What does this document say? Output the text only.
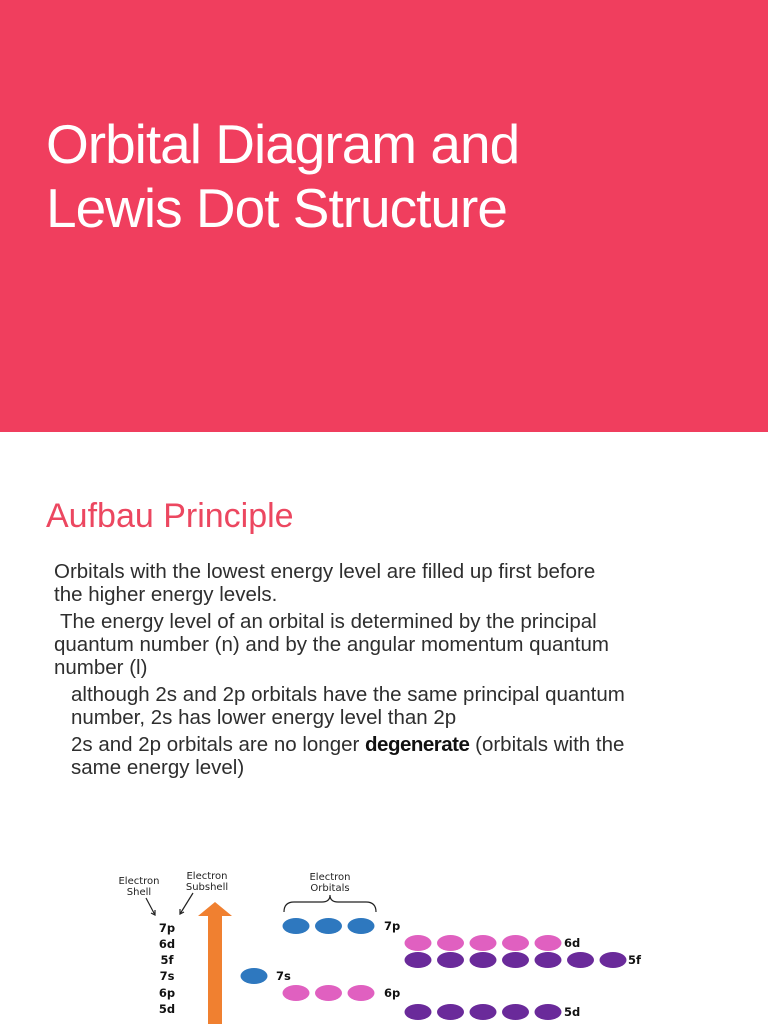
Orbital Diagram and
Lewis Dot Structure
Aufbau Principle
Orbitals with the lowest energy level are filled up first before
the higher energy levels.
The energy level of an orbital is determined by the principal
quantum number (n) and by the angular momentum quantum
number (l)
although 2s and 2p orbitals have the same principal quantum
number, 2s has lower energy level than 2p
2s and 2p orbitals are no longer degenerate (orbitals with the
same energy level)
Electron
Shell
Electron
Subshell
Electron
Orbitals
7p
6d
5f
7s
6p
5d
7p
6d
5f
7s
6p
5d
